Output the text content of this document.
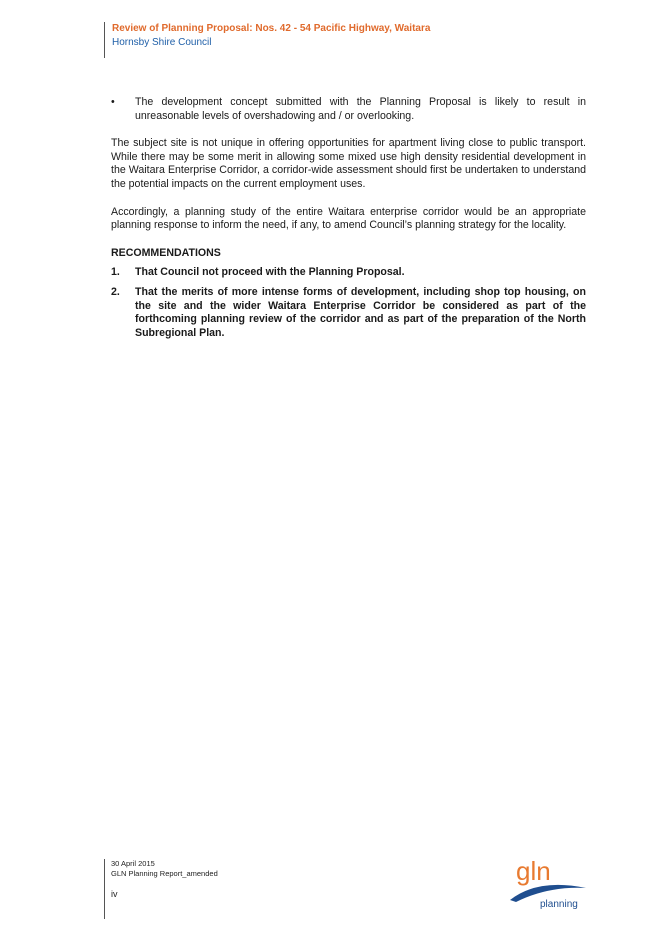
Review of Planning Proposal: Nos. 42 - 54 Pacific Highway, Waitara
Hornsby Shire Council
•	The development concept submitted with the Planning Proposal is likely to result in unreasonable levels of overshadowing and / or overlooking.

The subject site is not unique in offering opportunities for apartment living close to public transport. While there may be some merit in allowing some mixed use high density residential development in the Waitara Enterprise Corridor, a corridor-wide assessment should first be undertaken to understand the potential impacts on the current employment uses.

Accordingly, a planning study of the entire Waitara enterprise corridor would be an appropriate planning response to inform the need, if any, to amend Council’s planning strategy for the locality.

RECOMMENDATIONS

1.	That Council not proceed with the Planning Proposal.
2.	That the merits of more intense forms of development, including shop top housing, on the site and the wider Waitara Enterprise Corridor be considered as part of the forthcoming planning review of the corridor and as part of the preparation of the North Subregional Plan.
30 April 2015
GLN Planning Report_amended
iv
gln
planning
